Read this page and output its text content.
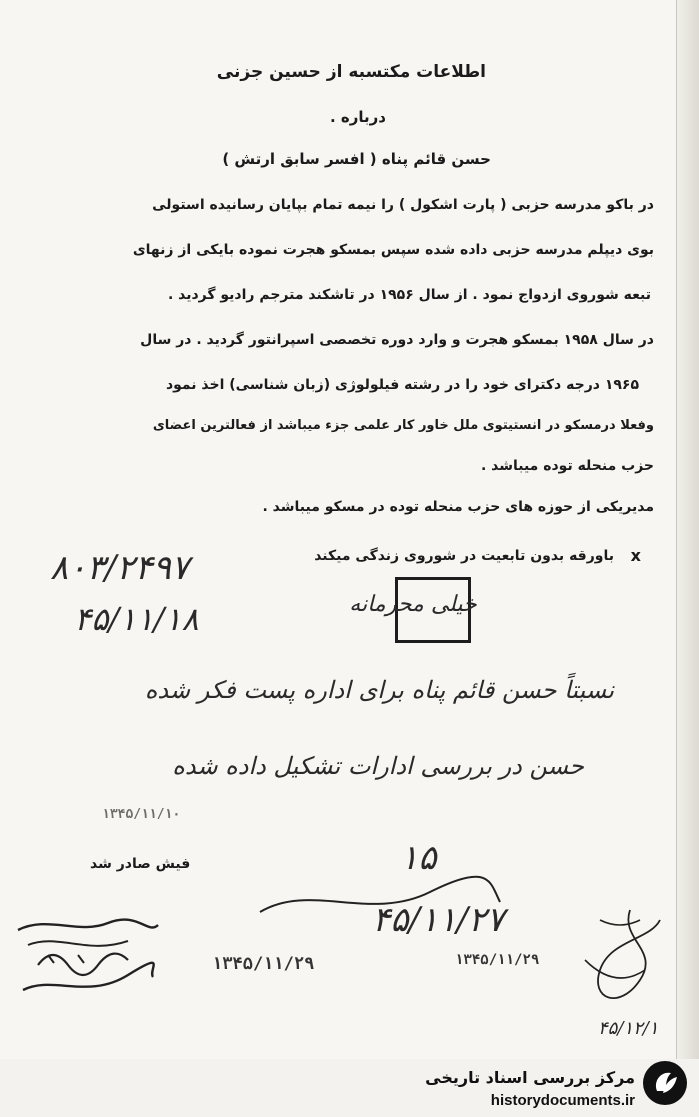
اطلاعات مکتسبه از حسین جزنی
درباره .
حسن قائم پناه ( افسر سابق ارتش )
در باکو مدرسه حزبی ( پارت اشکول ) را نیمه تمام بپایان رسانیده استولی
بوی دیپلم مدرسه حزبی داده شده سپس بمسکو هجرت نموده بایکی از زنهای
تبعه شوروی ازدواج نمود . از سال ۱۹۵۶ در تاشکند مترجم رادیو گردید .
در سال ۱۹۵۸ بمسکو هجرت و وارد دوره تخصصی اسپرانتور گردید . در سال
۱۹۶۵ درجه دکترای خود را در رشته فیلولوژی (زبان شناسی) اخذ نمود
وفعلا درمسکو در انستیتوی ملل خاور کار علمی جزء میباشد از فعالترین اعضای
حزب منحله توده میباشد .
مدیریکی از حوزه های حزب منحله توده در مسکو میباشد .
باورقه بدون تابعیت در شوروی زندگی میکند x
۸۰۳/۲۴۹۷
۴۵/۱۱/۱۸	خیلی محرمانه
نسبتاً حسن قائم پناه برای اداره پست فکر شده
حسن در بررسی ادارات تشکیل داده شده
۱۳۴۵/۱۱/۱۰
۱۵
فیش صادر شد
۴۵/۱۱/۲۷
۱۳۴۵/۱۱/۲۹	۱۳۴۵/۱۱/۲۹
۴۵/۱۲/۱
مرکز بررسی اسناد تاریخی
historydocuments.ir
